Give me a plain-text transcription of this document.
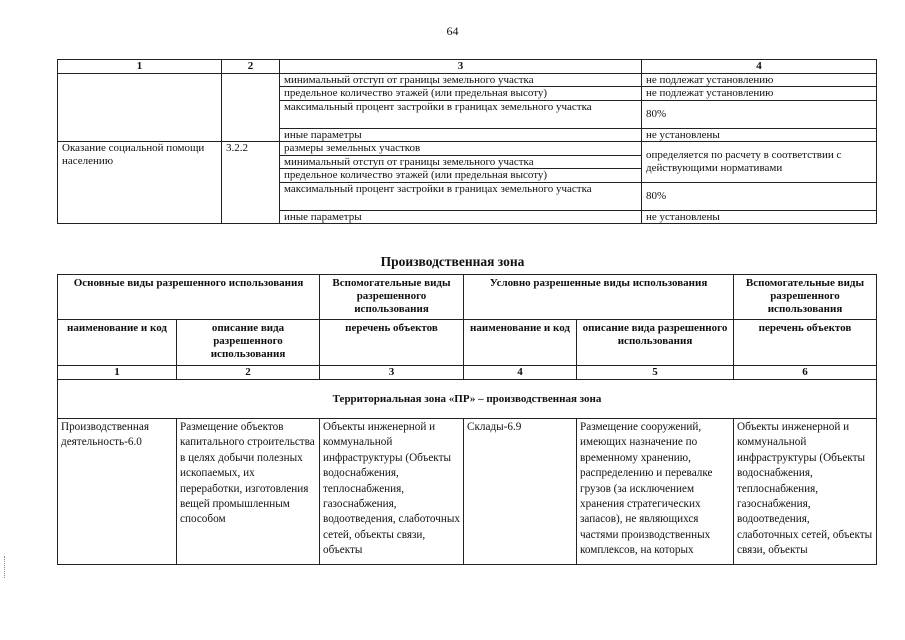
64
1	2	3	4
		минимальный отступ от границы земельного участка	не подлежат установлению
		предельное количество этажей (или предельная высоту)	не подлежат установлению
		максимальный процент застройки в границах земельного участка	80%
		иные параметры	не установлены
Оказание социальной помощи населению	3.2.2	размеры земельных участков	определяется по расчету в соответствии с действующими нормативами
		минимальный отступ от границы земельного участка	
		предельное количество этажей (или предельная высоту)	
		максимальный процент застройки в границах земельного участка	80%
		иные параметры	не установлены
Производственная зона
Основные виды разрешенного использования		Вспомогательные виды разрешенного использования	Условно разрешенные виды использования		Вспомогательные виды разрешенного использования
наименование и код	описание вида разрешенного использования	перечень объектов	наименование и код	описание вида разрешенного использования	перечень объектов
1	2	3	4	5	6
Территориальная зона «ПР» – производственная зона					
Производственная деятельность-6.0	Размещение объектов капитального строительства в целях добычи полезных ископаемых, их переработки, изготовления вещей промышленным способом	Объекты инженерной и коммунальной инфраструктуры (Объекты водоснабжения, теплоснабжения, газоснабжения, водоотведения, слаботочных сетей, объекты связи, объекты	Склады-6.9	Размещение сооружений, имеющих назначение по временному хранению, распределению и перевалке грузов (за исключением хранения стратегических запасов), не являющихся частями производственных комплексов, на которых	Объекты инженерной и коммунальной инфраструктуры (Объекты водоснабжения, теплоснабжения, газоснабжения, водоотведения, слаботочных сетей, объекты связи, объекты
